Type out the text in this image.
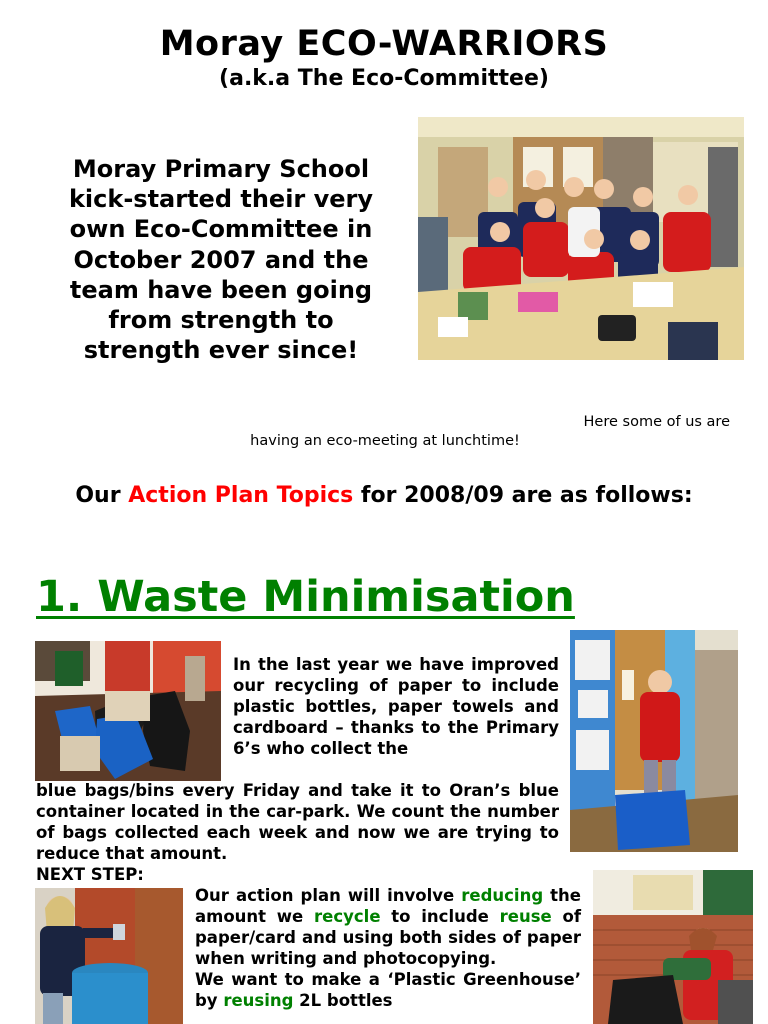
Moray ECO-WARRIORS
(a.k.a The Eco-Committee)
Moray Primary School kick-started their very own Eco-Committee in October 2007 and the team have been going from strength to strength ever since!
Here some of us are
having an eco-meeting at lunchtime!
Our Action Plan Topics for 2008/09 are as follows:
1. Waste Minimisation
In the last year we have improved our recycling of paper to include plastic bottles, paper towels and cardboard – thanks to the Primary 6’s who collect the
blue bags/bins every Friday and take it to Oran’s blue container located in the car-park. We count the number of bags collected each week and now we are trying to reduce that amount.
NEXT STEP:
Our action plan will involve reducing the amount we recycle to include reuse of paper/card and using both sides of paper when writing and photocopying.
We want to make a ‘Plastic Greenhouse’ by reusing 2L bottles
